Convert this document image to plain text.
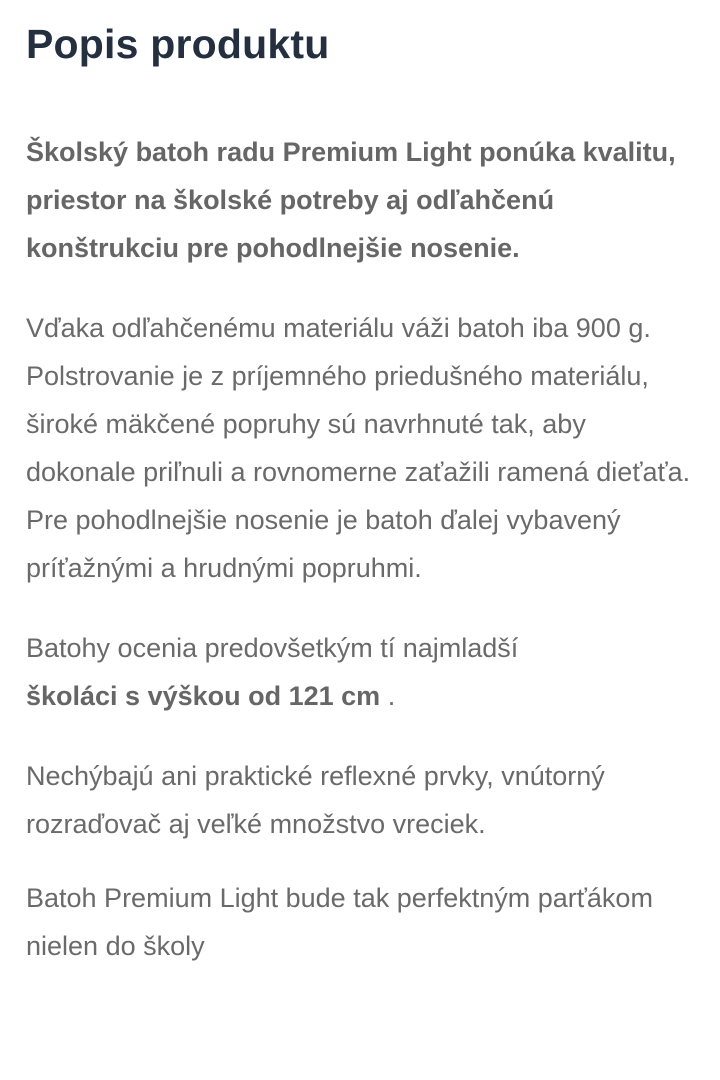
Popis produktu

Školský batoh radu Premium Light ponúka kvalitu, priestor na školské potreby aj odľahčenú konštrukciu pre pohodlnejšie nosenie.

Vďaka odľahčenému materiálu váži batoh iba 900 g. Polstrovanie je z príjemného priedušného materiálu, široké mäkčené popruhy sú navrhnuté tak, aby dokonale priľnuli a rovnomerne zaťažili ramená dieťaťa. Pre pohodlnejšie nosenie je batoh ďalej vybavený príťažnými a hrudnými popruhmi.

Batohy ocenia predovšetkým tí najmladší
školáci s výškou od 121 cm .

Nechýbajú ani praktické reflexné prvky, vnútorný rozraďovač aj veľké množstvo vreciek.

Batoh Premium Light bude tak perfektným parťákom nielen do školy
